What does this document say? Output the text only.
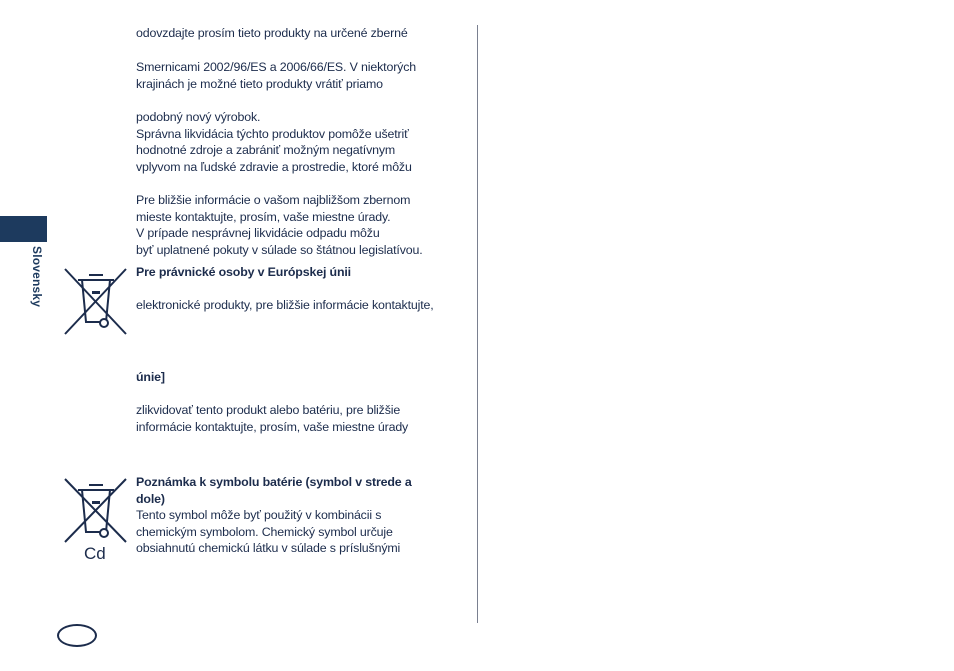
Slovensky
odovzdajte prosím tieto produkty na určené zberné
Smernicami 2002/96/ES a 2006/66/ES. V niektorých
krajinách je možné tieto produkty vrátiť priamo
podobný nový výrobok.
Správna likvidácia týchto produktov pomôže ušetriť
hodnotné zdroje a zabrániť možným negatívnym
vplyvom na ľudské zdravie a prostredie, ktoré môžu
Pre bližšie informácie o vašom najbližšom zbernom
mieste kontaktujte, prosím, vaše miestne úrady.
V prípade nesprávnej likvidácie odpadu môžu
byť uplatnené pokuty v súlade so štátnou legislatívou.
Pre právnické osoby v Európskej únii
elektronické produkty, pre bližšie informácie kontaktujte,
únie]
zlikvidovať tento produkt alebo batériu, pre bližšie
informácie kontaktujte, prosím, vaše miestne úrady
Poznámka k symbolu batérie (symbol v strede a
dole)
Tento symbol môže byť použitý v kombinácii s
chemickým symbolom. Chemický symbol určuje
obsiahnutú chemickú látku v súlade s príslušnými
Cd
